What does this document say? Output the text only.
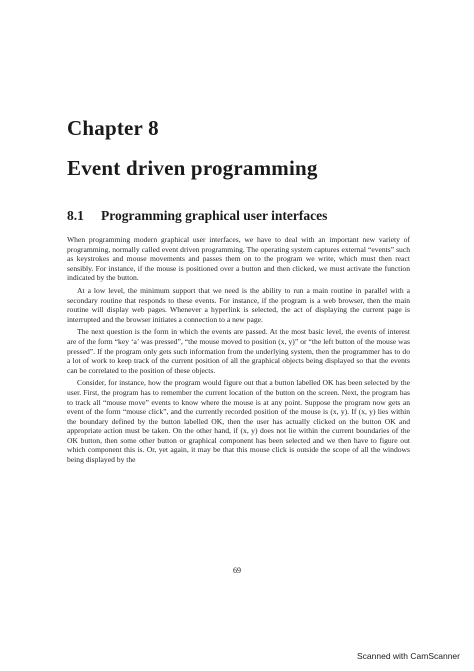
Chapter 8
Event driven programming
8.1 Programming graphical user interfaces

When programming modern graphical user interfaces, we have to deal with an important new variety of programming, normally called event driven programming. The operating system captures external “events” such as keystrokes and mouse movements and passes them on to the program we write, which must then react sensibly. For instance, if the mouse is positioned over a button and then clicked, we must activate the function indicated by the button.

At a low level, the minimum support that we need is the ability to run a main routine in parallel with a secondary routine that responds to these events. For instance, if the program is a web browser, then the main routine will display web pages. Whenever a hyperlink is selected, the act of displaying the current page is interrupted and the browser initiates a connection to a new page.

The next question is the form in which the events are passed. At the most basic level, the events of interest are of the form “key ‘a’ was pressed”, “the mouse moved to position (x, y)” or “the left button of the mouse was pressed”. If the program only gets such information from the underlying system, then the programmer has to do a lot of work to keep track of the current position of all the graphical objects being displayed so that the events can be correlated to the position of these objects.

Consider, for instance, how the program would figure out that a button labelled OK has been selected by the user. First, the program has to remember the current location of the button on the screen. Next, the program has to track all “mouse move” events to know where the mouse is at any point. Suppose the program now gets an event of the form “mouse click”, and the currently recorded position of the mouse is (x, y). If (x, y) lies within the boundary defined by the button labelled OK, then the user has actually clicked on the button OK and appropriate action must be taken. On the other hand, if (x, y) does not lie within the current boundaries of the OK button, then some other button or graphical component has been selected and we then have to figure out which component this is. Or, yet again, it may be that this mouse click is outside the scope of all the windows being displayed by the

69
Scanned with CamScanner
